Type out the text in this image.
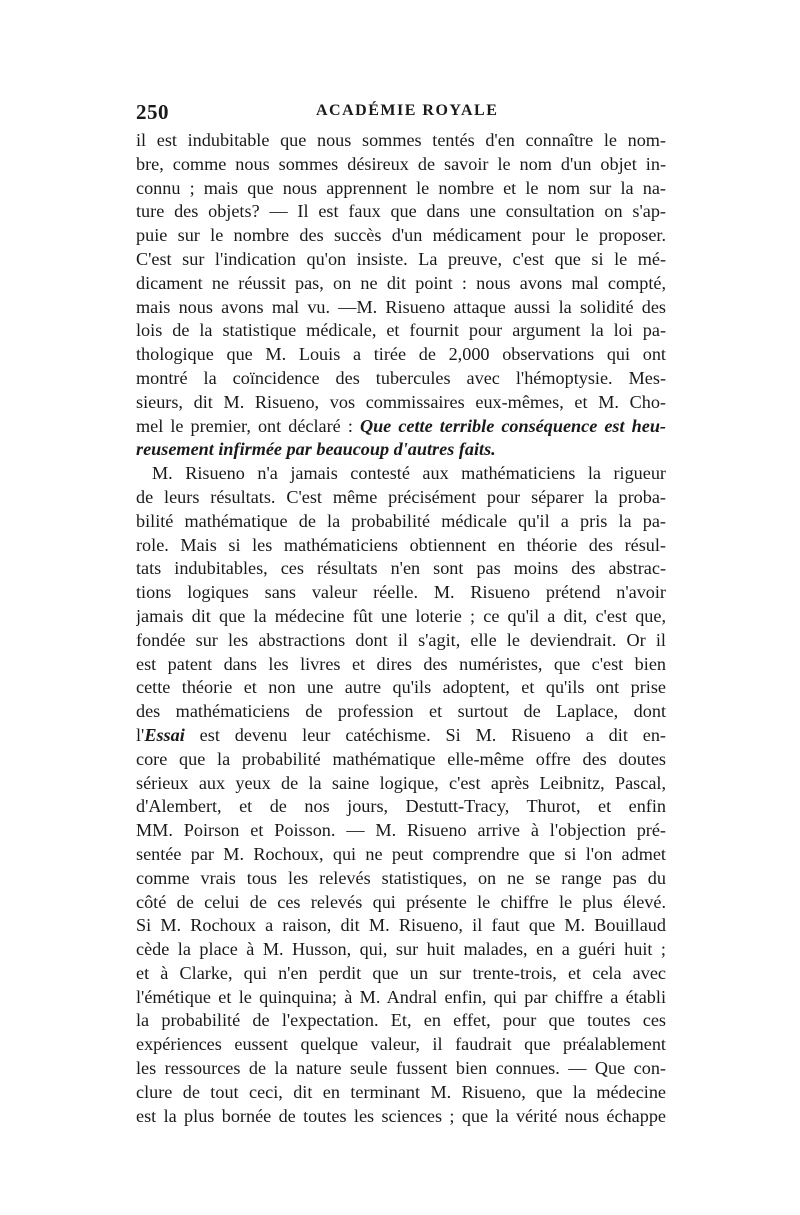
250	ACADÉMIE ROYALE
il est indubitable que nous sommes tentés d'en connaître le nom-
bre, comme nous sommes désireux de savoir le nom d'un objet in-
connu ; mais que nous apprennent le nombre et le nom sur la na-
ture des objets? — Il est faux que dans une consultation on s'ap-
puie sur le nombre des succès d'un médicament pour le proposer.
C'est sur l'indication qu'on insiste. La preuve, c'est que si le mé-
dicament ne réussit pas, on ne dit point : nous avons mal compté,
mais nous avons mal vu. —M. Risueno attaque aussi la solidité des
lois de la statistique médicale, et fournit pour argument la loi pa-
thologique que M. Louis a tirée de 2,000 observations qui ont
montré la coïncidence des tubercules avec l'hémoptysie. Mes-
sieurs, dit M. Risueno, vos commissaires eux-mêmes, et M. Cho-
mel le premier, ont déclaré : Que cette terrible conséquence est heu-
reusement infirmée par beaucoup d'autres faits.
M. Risueno n'a jamais contesté aux mathématiciens la rigueur
de leurs résultats. C'est même précisément pour séparer la proba-
bilité mathématique de la probabilité médicale qu'il a pris la pa-
role. Mais si les mathématiciens obtiennent en théorie des résul-
tats indubitables, ces résultats n'en sont pas moins des abstrac-
tions logiques sans valeur réelle. M. Risueno prétend n'avoir
jamais dit que la médecine fût une loterie ; ce qu'il a dit, c'est que,
fondée sur les abstractions dont il s'agit, elle le deviendrait. Or il
est patent dans les livres et dires des numéristes, que c'est bien
cette théorie et non une autre qu'ils adoptent, et qu'ils ont prise
des mathématiciens de profession et surtout de Laplace, dont
l'Essai est devenu leur catéchisme. Si M. Risueno a dit en-
core que la probabilité mathématique elle-même offre des doutes
sérieux aux yeux de la saine logique, c'est après Leibnitz, Pascal,
d'Alembert, et de nos jours, Destutt-Tracy, Thurot, et enfin
MM. Poirson et Poisson. — M. Risueno arrive à l'objection pré-
sentée par M. Rochoux, qui ne peut comprendre que si l'on admet
comme vrais tous les relevés statistiques, on ne se range pas du
côté de celui de ces relevés qui présente le chiffre le plus élevé.
Si M. Rochoux a raison, dit M. Risueno, il faut que M. Bouillaud
cède la place à M. Husson, qui, sur huit malades, en a guéri huit ;
et à Clarke, qui n'en perdit que un sur trente-trois, et cela avec
l'émétique et le quinquina; à M. Andral enfin, qui par chiffre a établi
la probabilité de l'expectation. Et, en effet, pour que toutes ces
expériences eussent quelque valeur, il faudrait que préalablement
les ressources de la nature seule fussent bien connues. — Que con-
clure de tout ceci, dit en terminant M. Risueno, que la médecine
est la plus bornée de toutes les sciences ; que la vérité nous échappe
